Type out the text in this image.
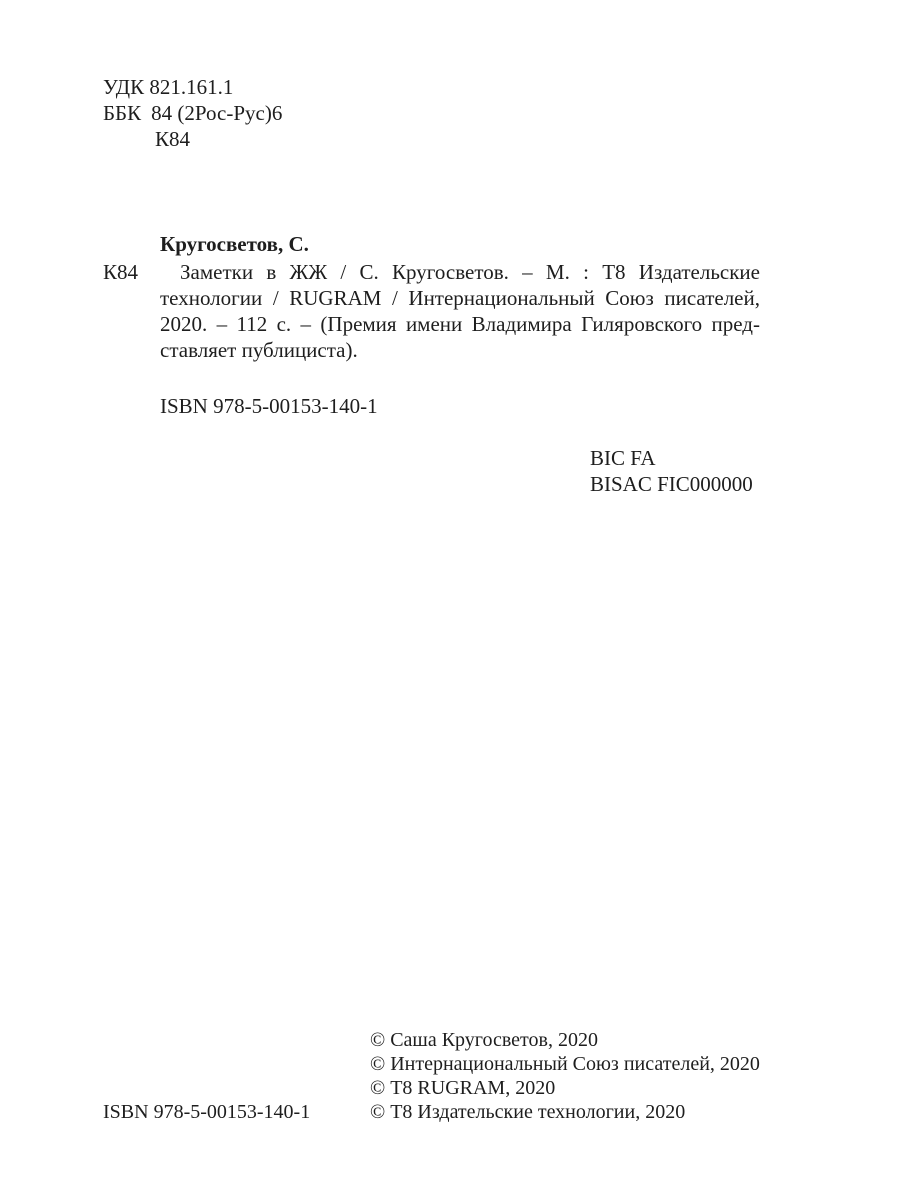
УДК 821.161.1
ББК 84 (2Рос-Рус)6
К84
Кругосветов, С.
К84	Заметки в ЖЖ / С. Кругосветов. – М. : Т8 Издательские
технологии / RUGRAM / Интернациональный Союз писателей,
2020. – 112 с. – (Премия имени Владимира Гиляровского пред-
ставляет публициста).
ISBN 978-5-00153-140-1
BIC FA
BISAC FIC000000
© Саша Кругосветов, 2020
© Интернациональный Союз писателей, 2020
© Т8 RUGRAM, 2020
© Т8 Издательские технологии, 2020
ISBN 978-5-00153-140-1
